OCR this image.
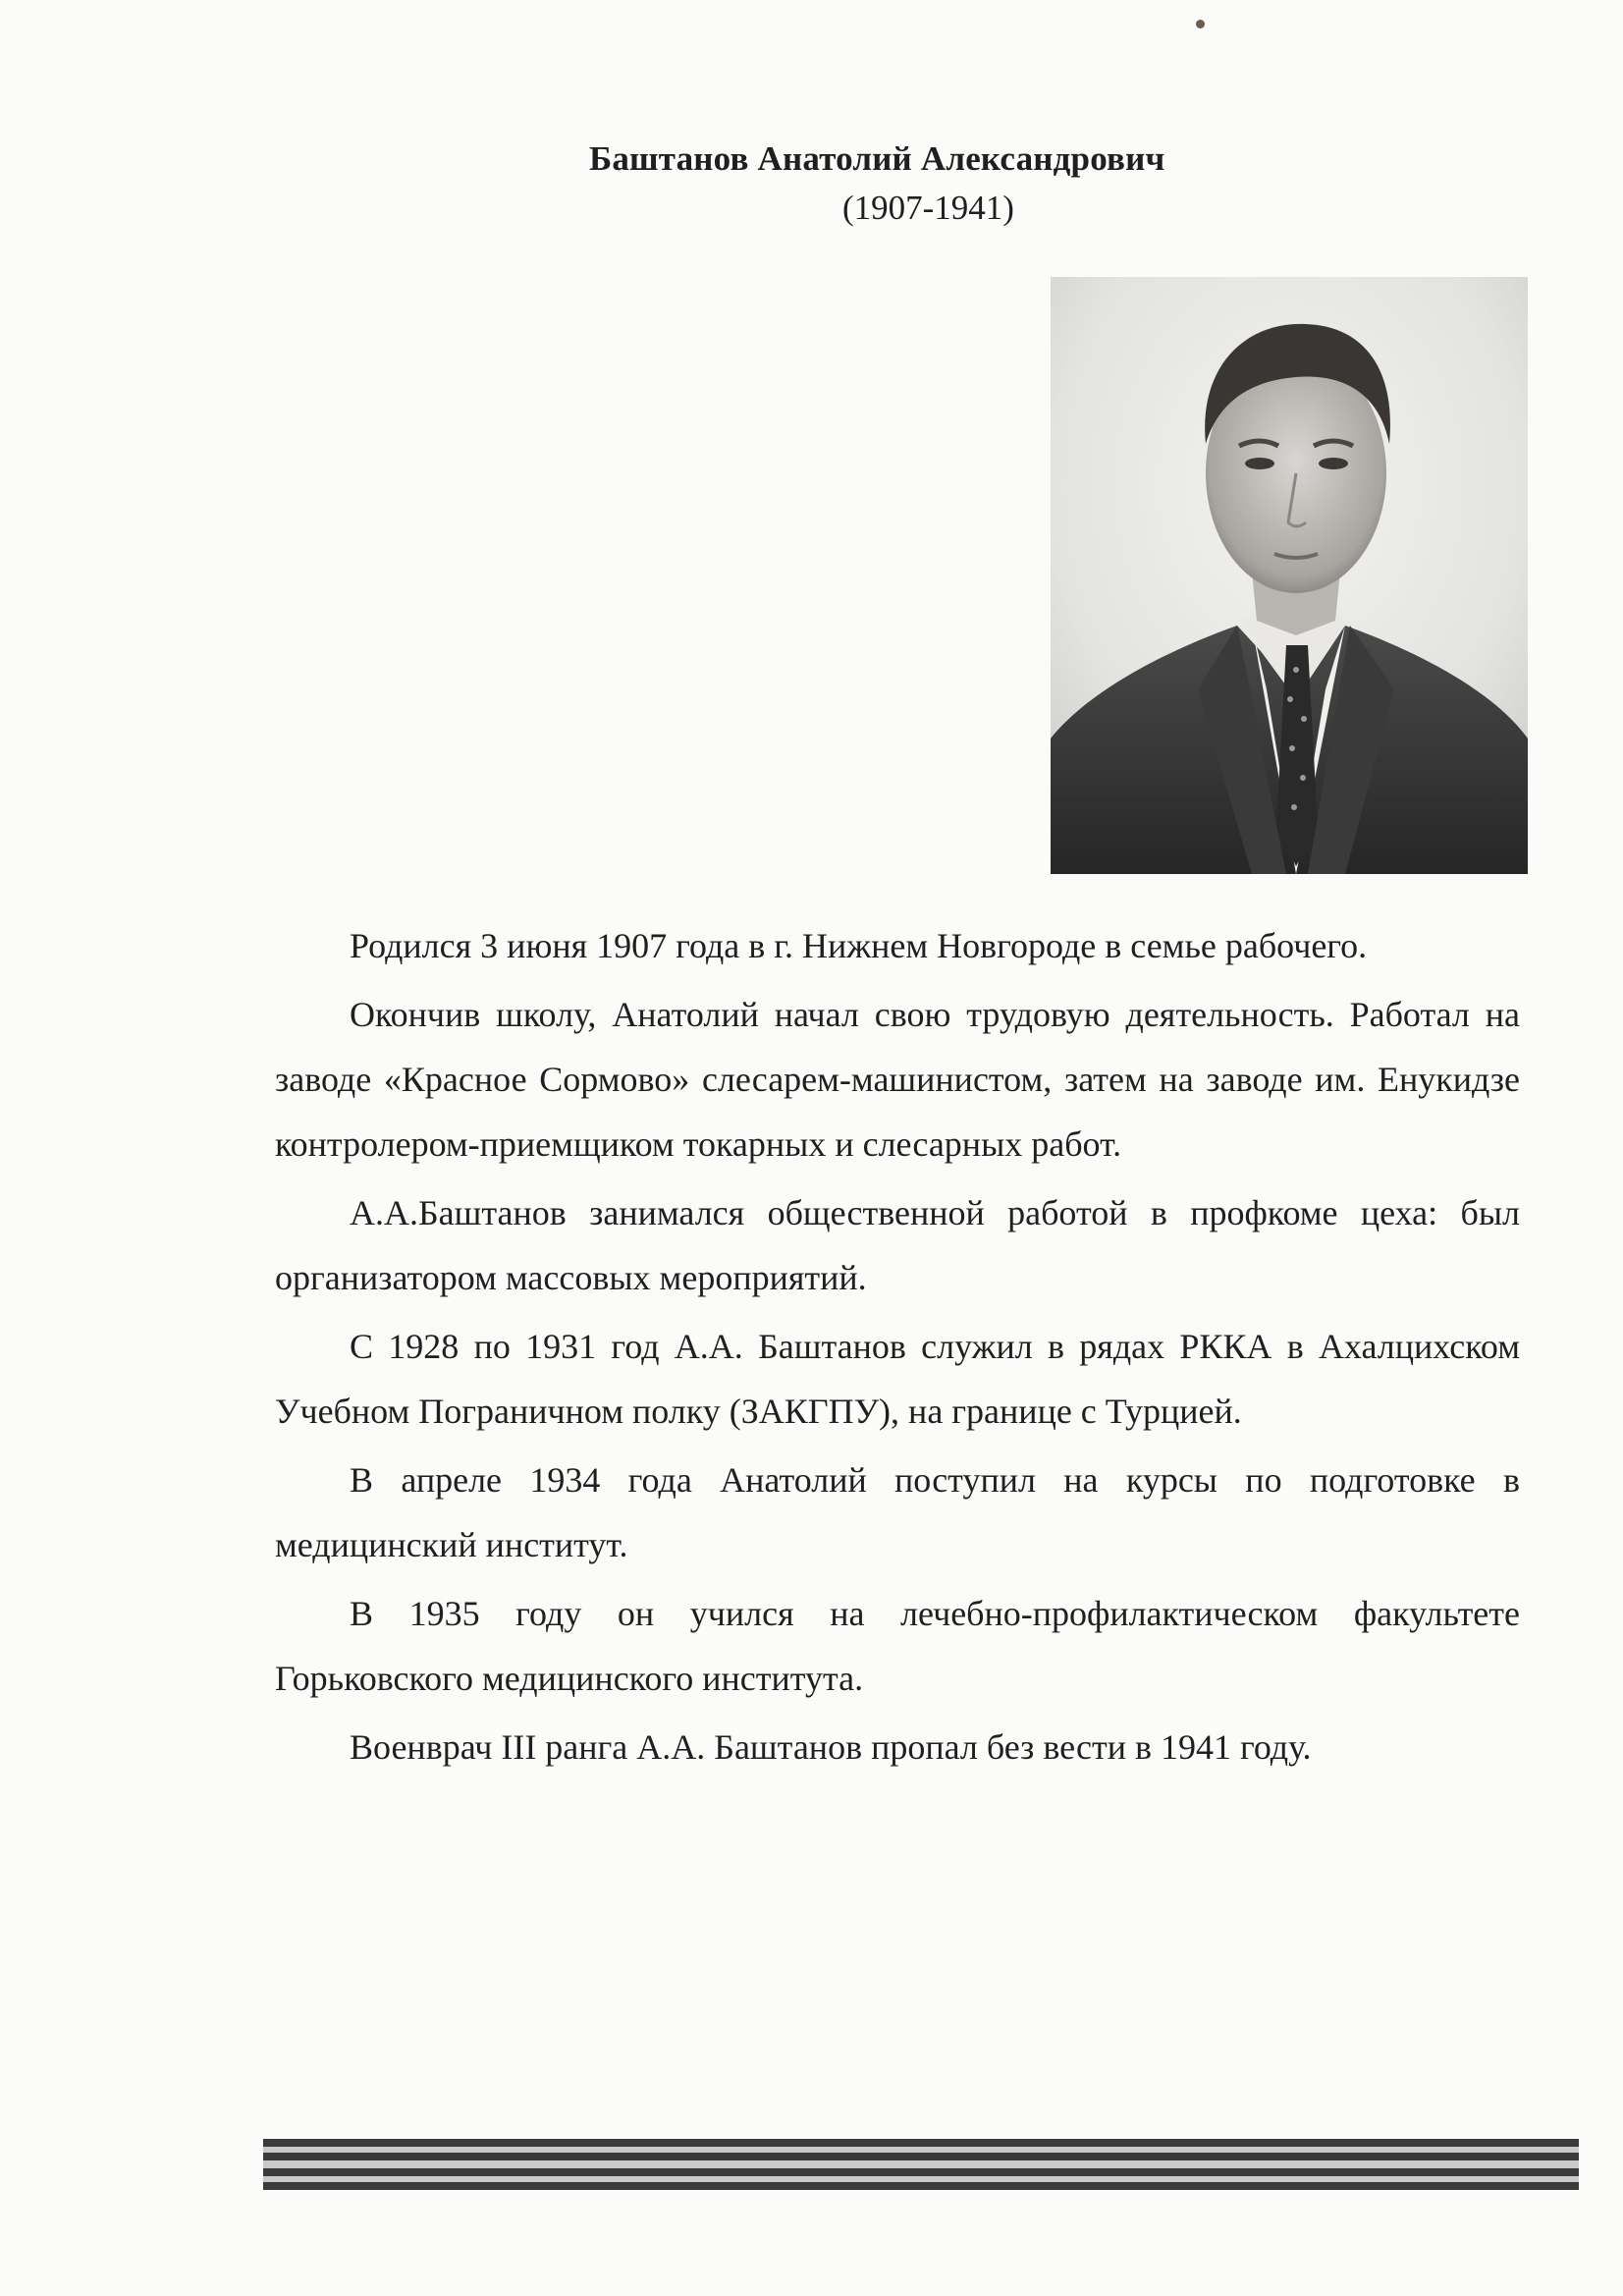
Баштанов Анатолий Александрович
(1907-1941)

Родился 3 июня 1907 года в г. Нижнем Новгороде в семье рабочего.

Окончив школу, Анатолий начал свою трудовую деятельность. Работал на заводе «Красное Сормово» слесарем-машинистом, затем на заводе им. Енукидзе контролером-приемщиком токарных и слесарных работ.

А.А.Баштанов занимался общественной работой в профкоме цеха: был организатором массовых мероприятий.

С 1928 по 1931 год А.А. Баштанов служил в рядах РККА в Ахалцихском Учебном Пограничном полку (ЗАКГПУ), на границе с Турцией.

В апреле 1934 года Анатолий поступил на курсы по подготовке в медицинский институт.

В 1935 году он учился на лечебно-профилактическом факультете Горьковского медицинского института.

Военврач III ранга А.А. Баштанов пропал без вести в 1941 году.
